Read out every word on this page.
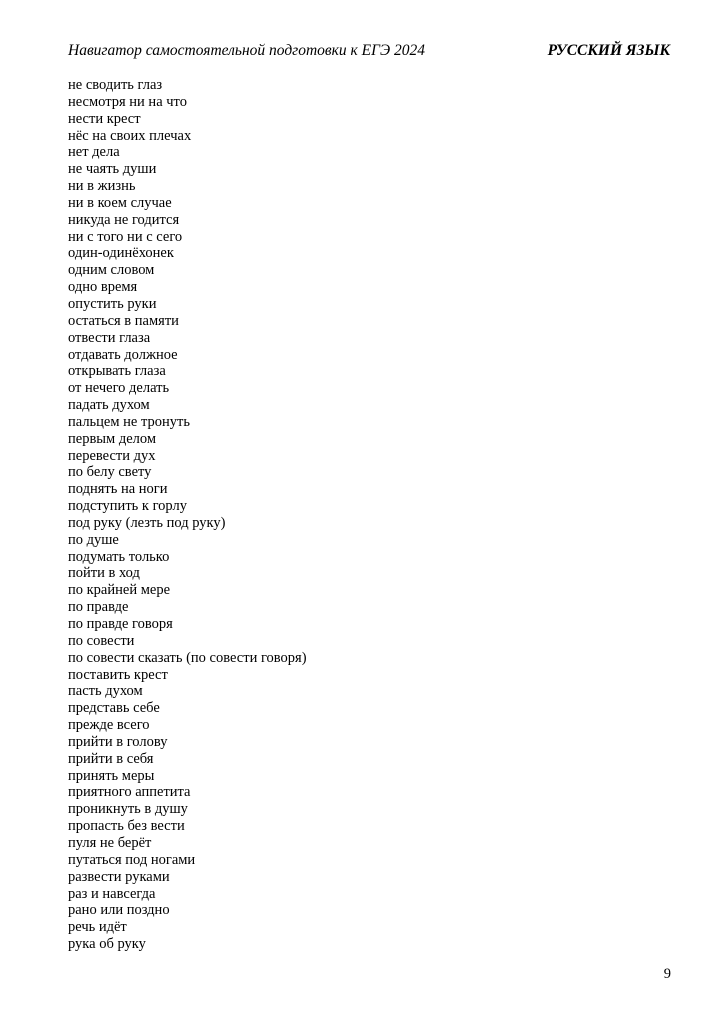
Навигатор самостоятельной подготовки к ЕГЭ 2024	РУССКИЙ ЯЗЫК
не сводить глаз
несмотря ни на что
нести крест
нёс на своих плечах
нет дела
не чаять души
ни в жизнь
ни в коем случае
никуда не годится
ни с того ни с сего
один-одинёхонек
одним словом
одно время
опустить руки
остаться в памяти
отвести глаза
отдавать должное
открывать глаза
от нечего делать
падать духом
пальцем не тронуть
первым делом
перевести дух
по белу свету
поднять на ноги
подступить к горлу
под руку (лезть под руку)
по душе
подумать только
пойти в ход
по крайней мере
по правде
по правде говоря
по совести
по совести сказать (по совести говоря)
поставить крест
пасть духом
представь себе
прежде всего
прийти в голову
прийти в себя
принять меры
приятного аппетита
проникнуть в душу
пропасть без вести
пуля не берёт
путаться под ногами
развести руками
раз и навсегда
рано или поздно
речь идёт
рука об руку
9
